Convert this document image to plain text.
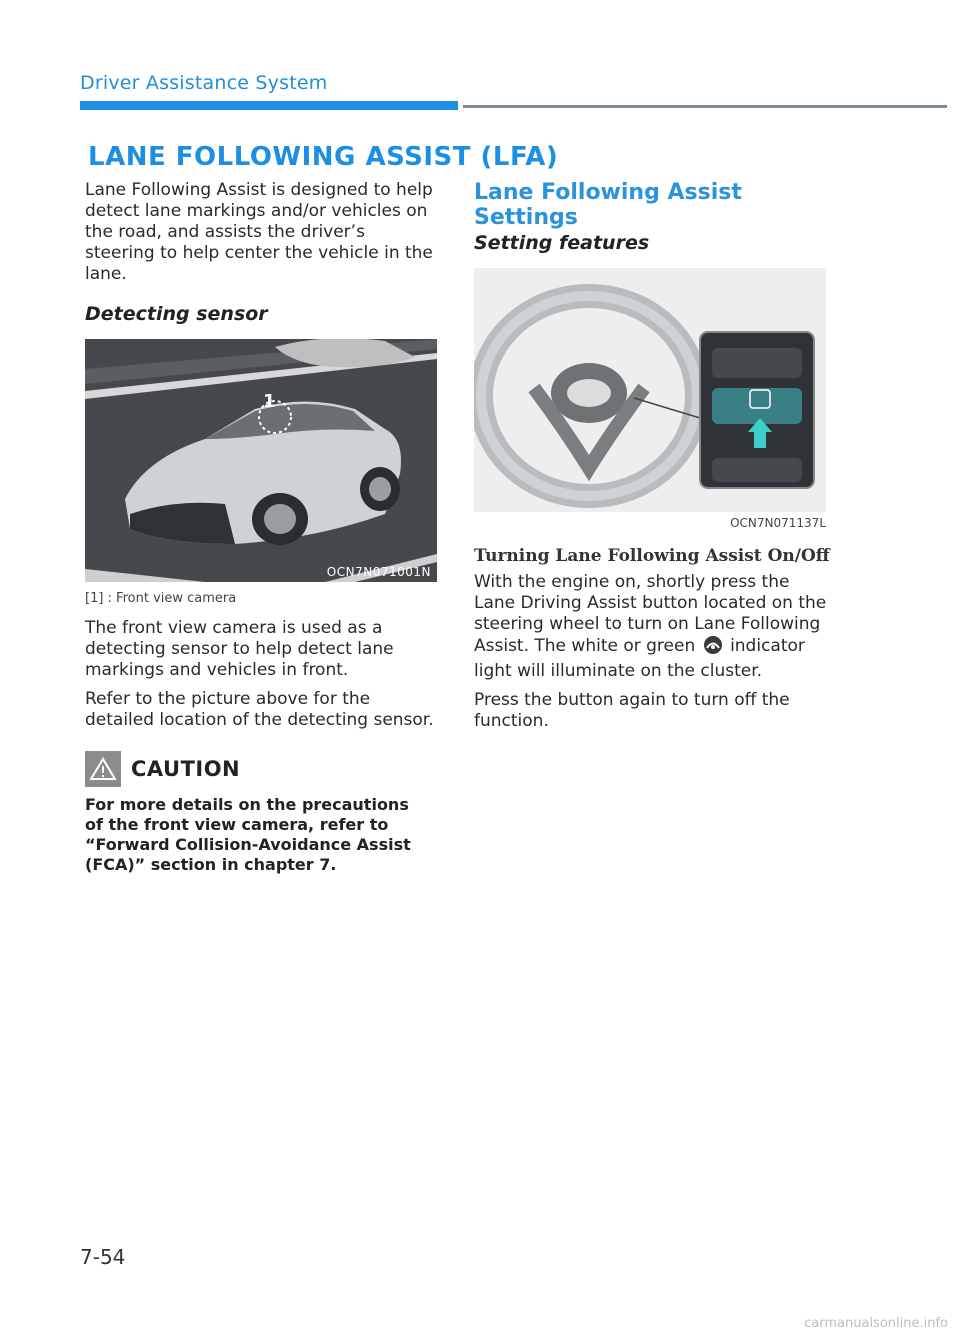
Driver Assistance System
LANE FOLLOWING ASSIST (LFA)

Lane Following Assist is designed to help detect lane markings and/or vehicles on the road, and assists the driver’s steering to help center the vehicle in the lane.

Detecting sensor

1
OCN7N071001N

[1] : Front view camera

The front view camera is used as a detecting sensor to help detect lane markings and vehicles in front.

Refer to the picture above for the detailed location of the detecting sensor.

CAUTION
For more details on the precautions of the front view camera, refer to “Forward Collision-Avoidance Assist (FCA)” section in chapter 7.

Lane Following Assist Settings

Setting features

OCN7N071137L

Turning Lane Following Assist On/Off

With the engine on, shortly press the Lane Driving Assist button located on the steering wheel to turn on Lane Following Assist. The white or green indicator light will illuminate on the cluster.

Press the button again to turn off the function.

7-54
carmanualsonline.info
